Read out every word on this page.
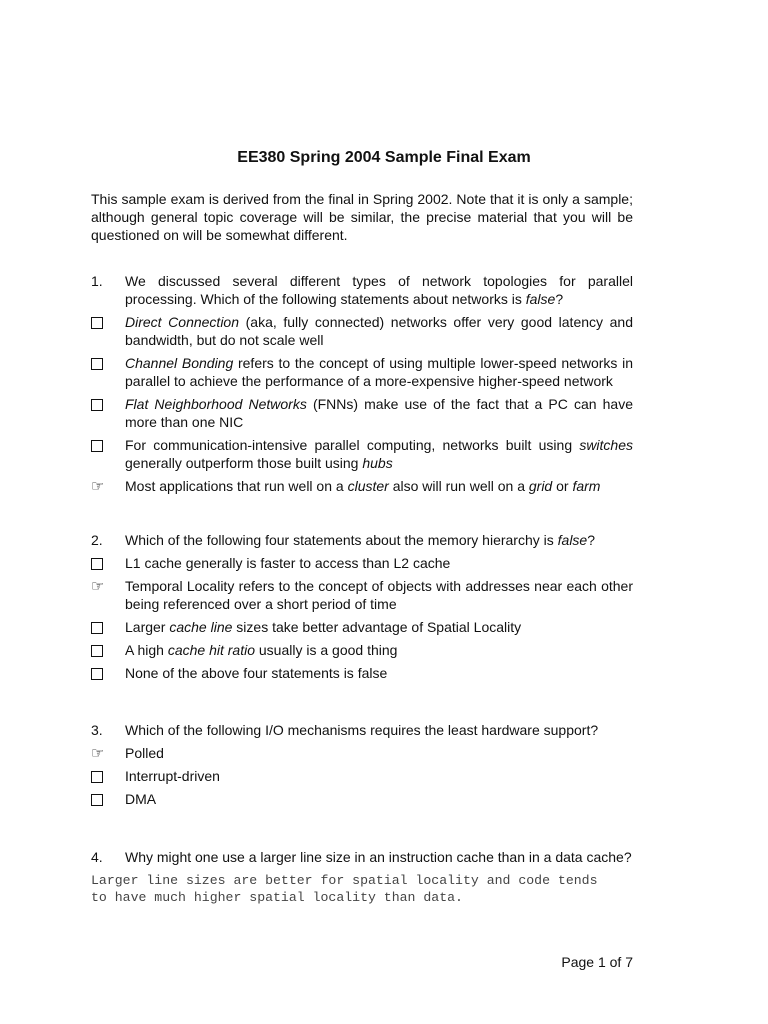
EE380 Spring 2004 Sample Final Exam
This sample exam is derived from the final in Spring 2002. Note that it is only a sample; although general topic coverage will be similar, the precise material that you will be questioned on will be somewhat different.
1.	We discussed several different types of network topologies for parallel processing. Which of the following statements about networks is false?
Direct Connection (aka, fully connected) networks offer very good latency and bandwidth, but do not scale well
Channel Bonding refers to the concept of using multiple lower-speed networks in parallel to achieve the performance of a more-expensive higher-speed network
Flat Neighborhood Networks (FNNs) make use of the fact that a PC can have more than one NIC
For communication-intensive parallel computing, networks built using switches generally outperform those built using hubs
☞	Most applications that run well on a cluster also will run well on a grid or farm
2.	Which of the following four statements about the memory hierarchy is false?
L1 cache generally is faster to access than L2 cache
☞	Temporal Locality refers to the concept of objects with addresses near each other being referenced over a short period of time
Larger cache line sizes take better advantage of Spatial Locality
A high cache hit ratio usually is a good thing
None of the above four statements is false
3.	Which of the following I/O mechanisms requires the least hardware support?
☞	Polled
Interrupt-driven
DMA
4.	Why might one use a larger line size in an instruction cache than in a data cache?
Larger line sizes are better for spatial locality and code tends
to have much higher spatial locality than data.
Page 1 of 7
